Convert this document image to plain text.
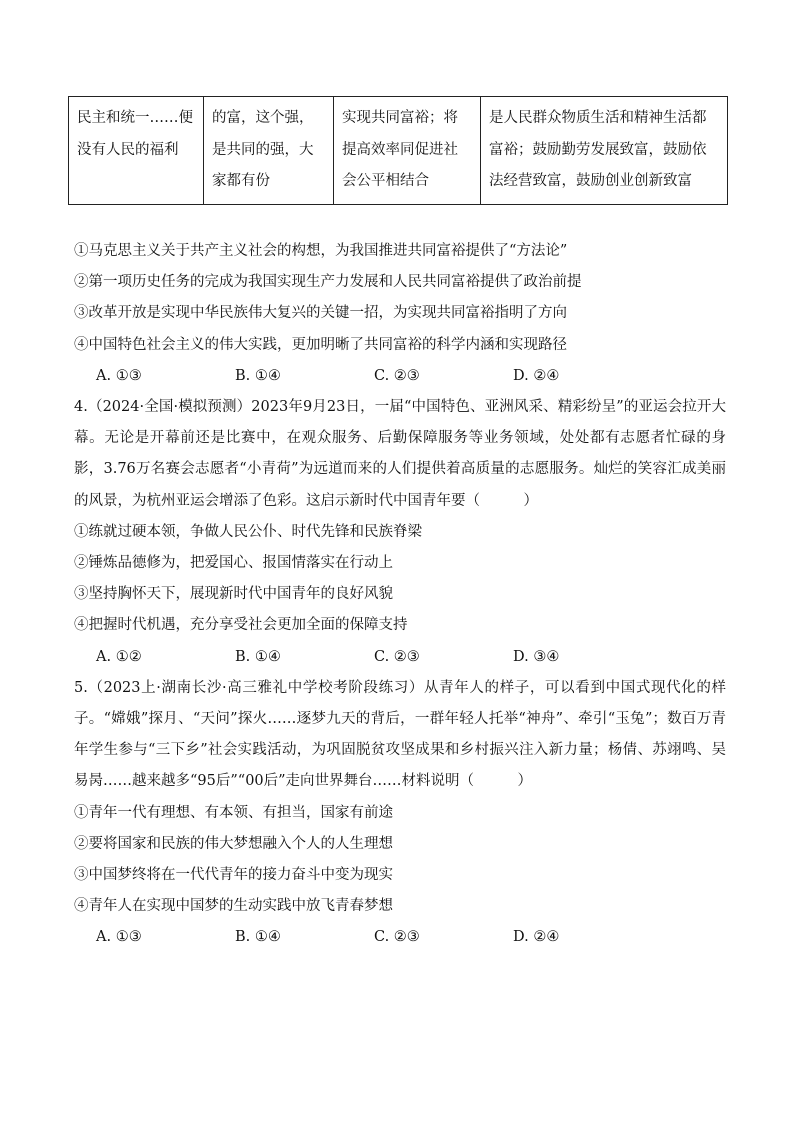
民主和统一……便没有人民的福利	的富，这个强，是共同的强，大家都有份	实现共同富裕；将提高效率同促进社会公平相结合	是人民群众物质生活和精神生活都富裕；鼓励勤劳发展致富，鼓励依法经营致富，鼓励创业创新致富
①马克思主义关于共产主义社会的构想，为我国推进共同富裕提供了“方法论”
②第一项历史任务的完成为我国实现生产力发展和人民共同富裕提供了政治前提
③改革开放是实现中华民族伟大复兴的关键一招，为实现共同富裕指明了方向
④中国特色社会主义的伟大实践，更加明晰了共同富裕的科学内涵和实现路径
A. ①③	B. ①④	C. ②③	D. ②④
4.（2024·全国·模拟预测）2023年9月23日，一届“中国特色、亚洲风采、精彩纷呈”的亚运会拉开大幕。无论是开幕前还是比赛中，在观众服务、后勤保障服务等业务领域，处处都有志愿者忙碌的身影，3.76万名赛会志愿者“小青荷”为远道而来的人们提供着高质量的志愿服务。灿烂的笑容汇成美丽的风景，为杭州亚运会增添了色彩。这启示新时代中国青年要（　　　）
①练就过硬本领，争做人民公仆、时代先锋和民族脊梁
②锤炼品德修为，把爱国心、报国情落实在行动上
③坚持胸怀天下，展现新时代中国青年的良好风貌
④把握时代机遇，充分享受社会更加全面的保障支持
A. ①②	B. ①④	C. ②③	D. ③④
5.（2023上·湖南长沙·高三雅礼中学校考阶段练习）从青年人的样子，可以看到中国式现代化的样子。“嫦娥”探月、“天问”探火……逐梦九天的背后，一群年轻人托举“神舟”、牵引“玉兔”；数百万青年学生参与“三下乡”社会实践活动，为巩固脱贫攻坚成果和乡村振兴注入新力量；杨倩、苏翊鸣、吴易昺……越来越多“95后”“00后”走向世界舞台……材料说明（　　　）
①青年一代有理想、有本领、有担当，国家有前途
②要将国家和民族的伟大梦想融入个人的人生理想
③中国梦终将在一代代青年的接力奋斗中变为现实
④青年人在实现中国梦的生动实践中放飞青春梦想
A. ①③	B. ①④	C. ②③	D. ②④
